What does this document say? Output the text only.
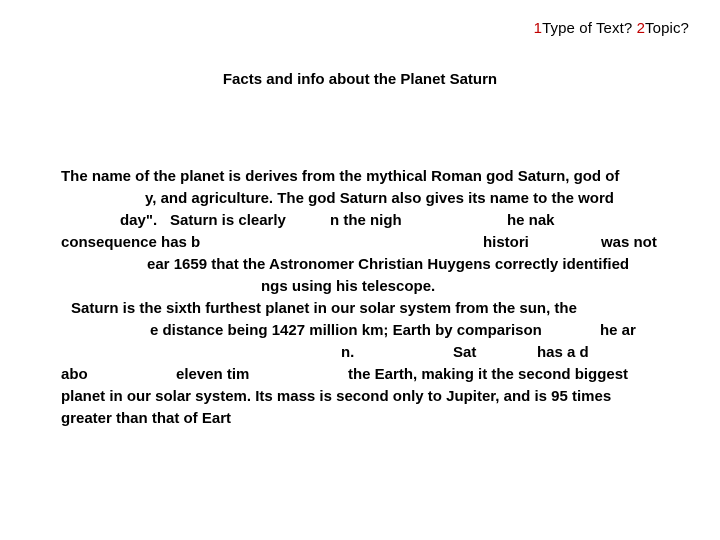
1Type of Text? 2Topic?
Facts and info about the Planet Saturn
The name of the planet is derives from the mythical Roman god Saturn, god of
y, and agriculture. The god Saturn also gives its name to the word
day". Saturn is clearly	n the nigh	he nak
consequence has b	histori	was not
ear 1659 that the Astronomer Christian Huygens correctly identified
ngs using his telescope.
Saturn is the sixth furthest planet in our solar system from the sun, the
e distance being 1427 million km; Earth by comparison	he ar
n.	Sat	has a d
abo	eleven tim	the Earth, making it the second biggest
planet in our solar system. Its mass is second only to Jupiter, and is 95 times
greater than that of Eart
